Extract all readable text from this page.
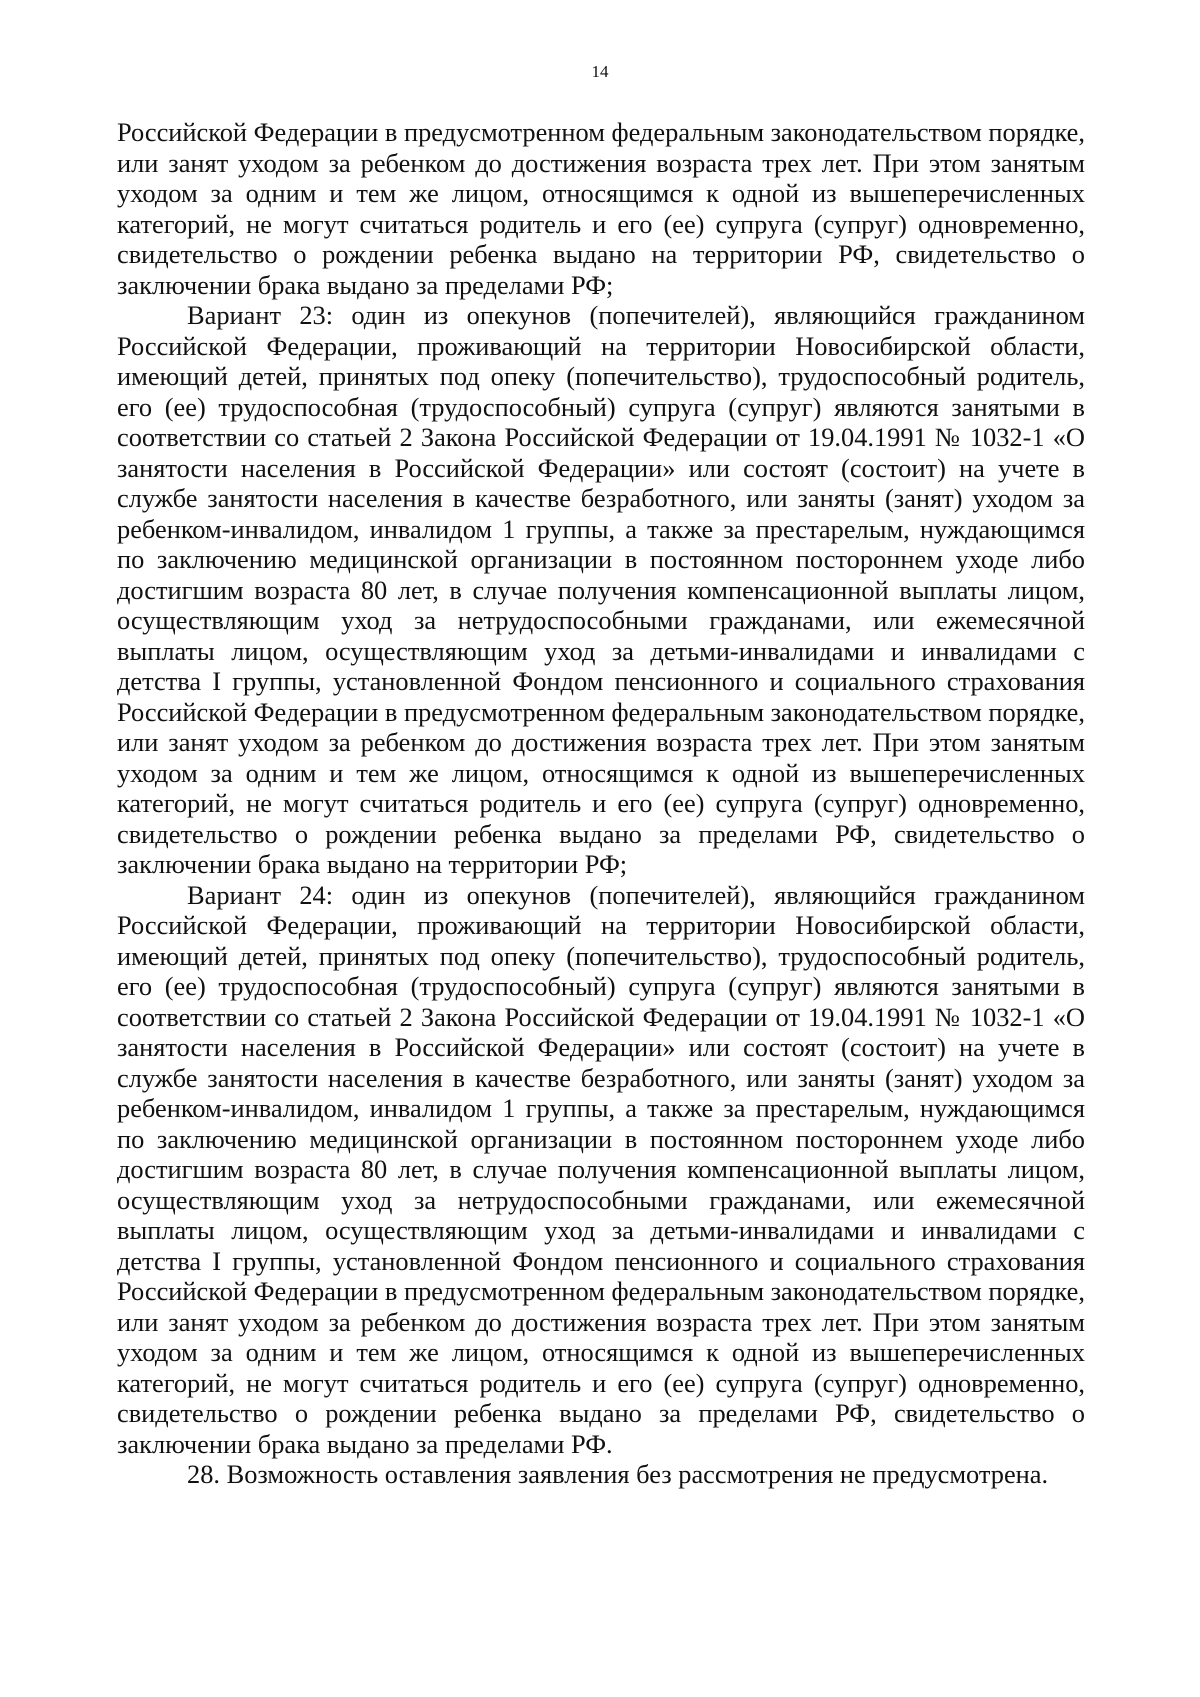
14

Российской Федерации в предусмотренном федеральным законодательством порядке, или занят уходом за ребенком до достижения возраста трех лет. При этом занятым уходом за одним и тем же лицом, относящимся к одной из вышеперечисленных категорий, не могут считаться родитель и его (ее) супруга (супруг) одновременно, свидетельство о рождении ребенка выдано на территории РФ, свидетельство о заключении брака выдано за пределами РФ;

Вариант 23: один из опекунов (попечителей), являющийся гражданином Российской Федерации, проживающий на территории Новосибирской области, имеющий детей, принятых под опеку (попечительство), трудоспособный родитель, его (ее) трудоспособная (трудоспособный) супруга (супруг) являются занятыми в соответствии со статьей 2 Закона Российской Федерации от 19.04.1991 № 1032-1 «О занятости населения в Российской Федерации» или состоят (состоит) на учете в службе занятости населения в качестве безработного, или заняты (занят) уходом за ребенком-инвалидом, инвалидом 1 группы, а также за престарелым, нуждающимся по заключению медицинской организации в постоянном постороннем уходе либо достигшим возраста 80 лет, в случае получения компенсационной выплаты лицом, осуществляющим уход за нетрудоспособными гражданами, или ежемесячной выплаты лицом, осуществляющим уход за детьми-инвалидами и инвалидами с детства I группы, установленной Фондом пенсионного и социального страхования Российской Федерации в предусмотренном федеральным законодательством порядке, или занят уходом за ребенком до достижения возраста трех лет. При этом занятым уходом за одним и тем же лицом, относящимся к одной из вышеперечисленных категорий, не могут считаться родитель и его (ее) супруга (супруг) одновременно, свидетельство о рождении ребенка выдано за пределами РФ, свидетельство о заключении брака выдано на территории РФ;

Вариант 24: один из опекунов (попечителей), являющийся гражданином Российской Федерации, проживающий на территории Новосибирской области, имеющий детей, принятых под опеку (попечительство), трудоспособный родитель, его (ее) трудоспособная (трудоспособный) супруга (супруг) являются занятыми в соответствии со статьей 2 Закона Российской Федерации от 19.04.1991 № 1032-1 «О занятости населения в Российской Федерации» или состоят (состоит) на учете в службе занятости населения в качестве безработного, или заняты (занят) уходом за ребенком-инвалидом, инвалидом 1 группы, а также за престарелым, нуждающимся по заключению медицинской организации в постоянном постороннем уходе либо достигшим возраста 80 лет, в случае получения компенсационной выплаты лицом, осуществляющим уход за нетрудоспособными гражданами, или ежемесячной выплаты лицом, осуществляющим уход за детьми-инвалидами и инвалидами с детства I группы, установленной Фондом пенсионного и социального страхования Российской Федерации в предусмотренном федеральным законодательством порядке, или занят уходом за ребенком до достижения возраста трех лет. При этом занятым уходом за одним и тем же лицом, относящимся к одной из вышеперечисленных категорий, не могут считаться родитель и его (ее) супруга (супруг) одновременно, свидетельство о рождении ребенка выдано за пределами РФ, свидетельство о заключении брака выдано за пределами РФ.

28. Возможность оставления заявления без рассмотрения не предусмотрена.
